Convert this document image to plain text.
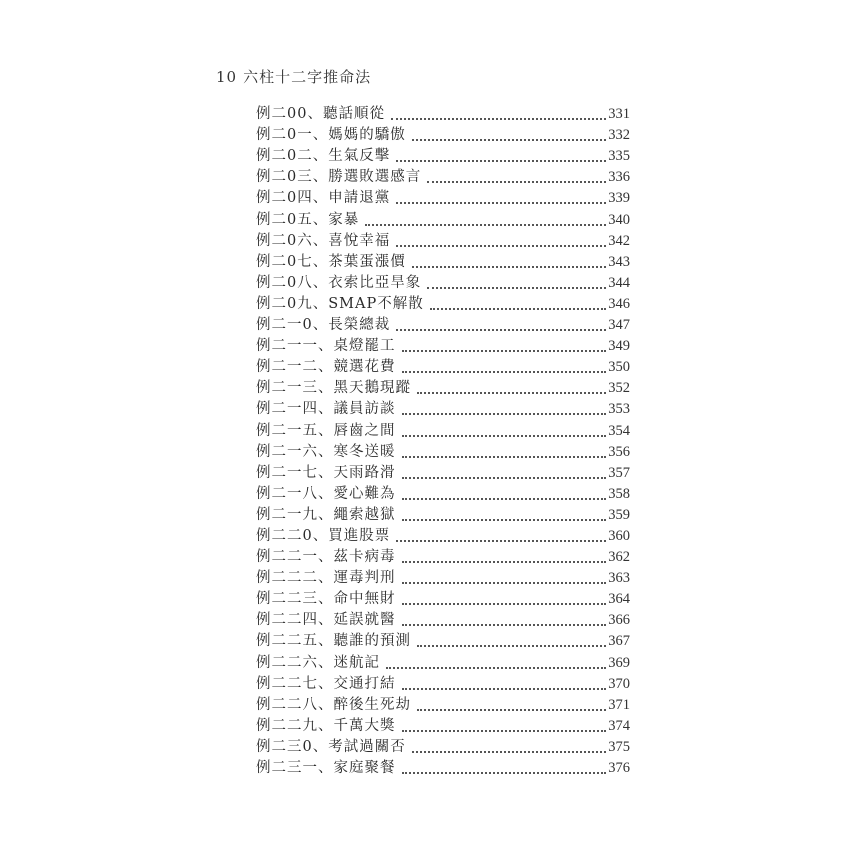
10 六柱十二字推命法
例二00、聽話順從	331
例二0一、媽媽的驕傲	332
例二0二、生氣反擊	335
例二0三、勝選敗選感言	336
例二0四、申請退黨	339
例二0五、家暴	340
例二0六、喜悅幸福	342
例二0七、茶葉蛋漲價	343
例二0八、衣索比亞旱象	344
例二0九、SMAP不解散	346
例二一0、長榮總裁	347
例二一一、桌燈罷工	349
例二一二、競選花費	350
例二一三、黑天鵝現蹤	352
例二一四、議員訪談	353
例二一五、唇齒之間	354
例二一六、寒冬送暖	356
例二一七、天雨路滑	357
例二一八、愛心難為	358
例二一九、繩索越獄	359
例二二0、買進股票	360
例二二一、茲卡病毒	362
例二二二、運毒判刑	363
例二二三、命中無財	364
例二二四、延誤就醫	366
例二二五、聽誰的預測	367
例二二六、迷航記	369
例二二七、交通打結	370
例二二八、醉後生死劫	371
例二二九、千萬大獎	374
例二三0、考試過關否	375
例二三一、家庭聚餐	376
